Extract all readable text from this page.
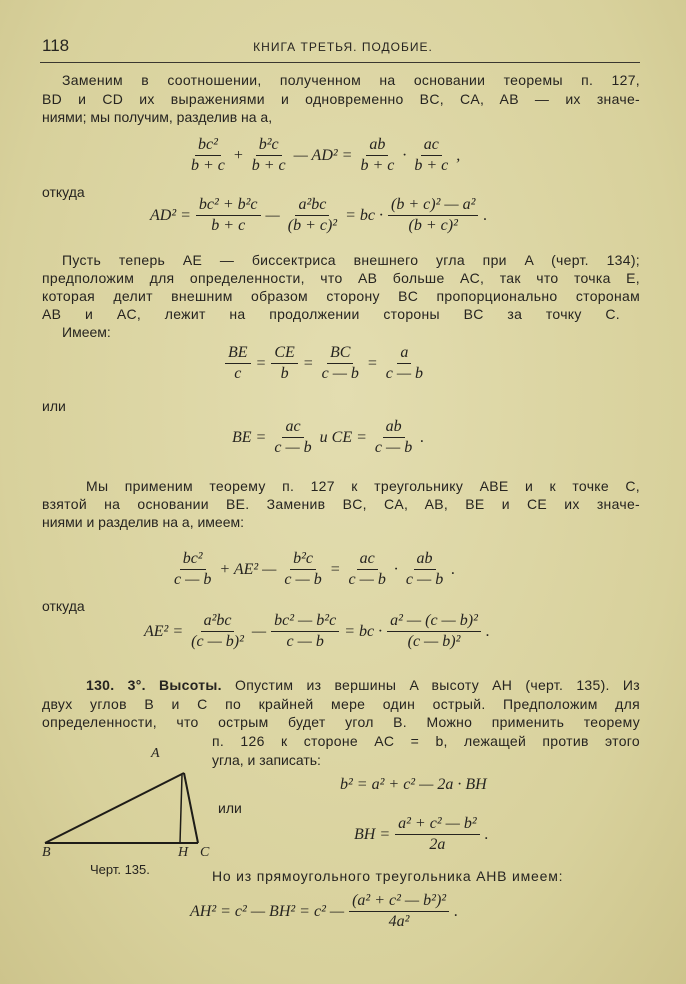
118	КНИГА ТРЕТЬЯ. ПОДОБИЕ.
Заменим в соотношении, полученном на основании теоремы п. 127,
BD и CD их выражениями и одновременно BC, CA, AB — их значе-
ниями; мы получим, разделив на a,
$\frac{\text{bc²}}{b + c} + \frac{\text{b²c}}{b + c}$ — $AD^2 = \frac{ab}{b + c} \cdot \frac{ac}{b + c}$ ,
откуда
$AD^2 = \frac{\text{bc² + b²c}}{b + c}$ — $\frac{\text{a²bc}}{\text{(b + c)²}}$ = bc · $\frac{\text{(b + c)² — a²}}{\text{(b + c)²}}$ .
Пусть теперь AE — биссектриса внешнего угла при A (черт. 134);
предположим для определенности, что AB больше AC, так что точка E,
которая делит внешним образом сторону BC пропорционально сторонам
AB и AC, лежит на продолжении стороны BC за точку C.
Имеем:
$\frac{BE}{c} = \frac{CE}{b} = \frac{BC}{c — b} = \frac{a}{c — b}$
или
BE = $\frac{ac}{c — b}$ и CE = $\frac{ab}{c — b}$ .
Мы применим теорему п. 127 к треугольнику ABE и к точке C,
взятой на основании BE. Заменив BC, CA, AB, BE и CE их значе-
ниями и разделив на a, имеем:
$\frac{\text{bc²}}{c — b} + AE^2$ — $\frac{\text{b²c}}{c — b} = \frac{ac}{c — b} \cdot \frac{ab}{c — b}$ .
откуда
$AE^2 = \frac{\text{a²bc}}{\text{(c — b)²}}$ — $\frac{\text{bc² — b²c}}{c — b}$ = bc · $\frac{\text{a² — (c — b)²}}{\text{(c — b)²}}$ .
130. 3°. Высоты. Опустим из вершины A высоту AH (черт. 135). Из
двух углов B и C по крайней мере один острый. Предположим для
определенности, что острым будет угол B. Можно применить теорему
п. 126 к стороне AC = b, лежащей против этого
угла, и записать:
A
B	H C
Черт. 135.
b² = a² + c² — 2a · BH
или
BH = $\frac{\text{a² + c² — b²}}{2a}$ .
Но из прямоугольного треугольника AHB имеем:
AH² = c² — BH² = c² — $\frac{\text{(a² + c² — b²)²}}{\text{4a²}}$ .
